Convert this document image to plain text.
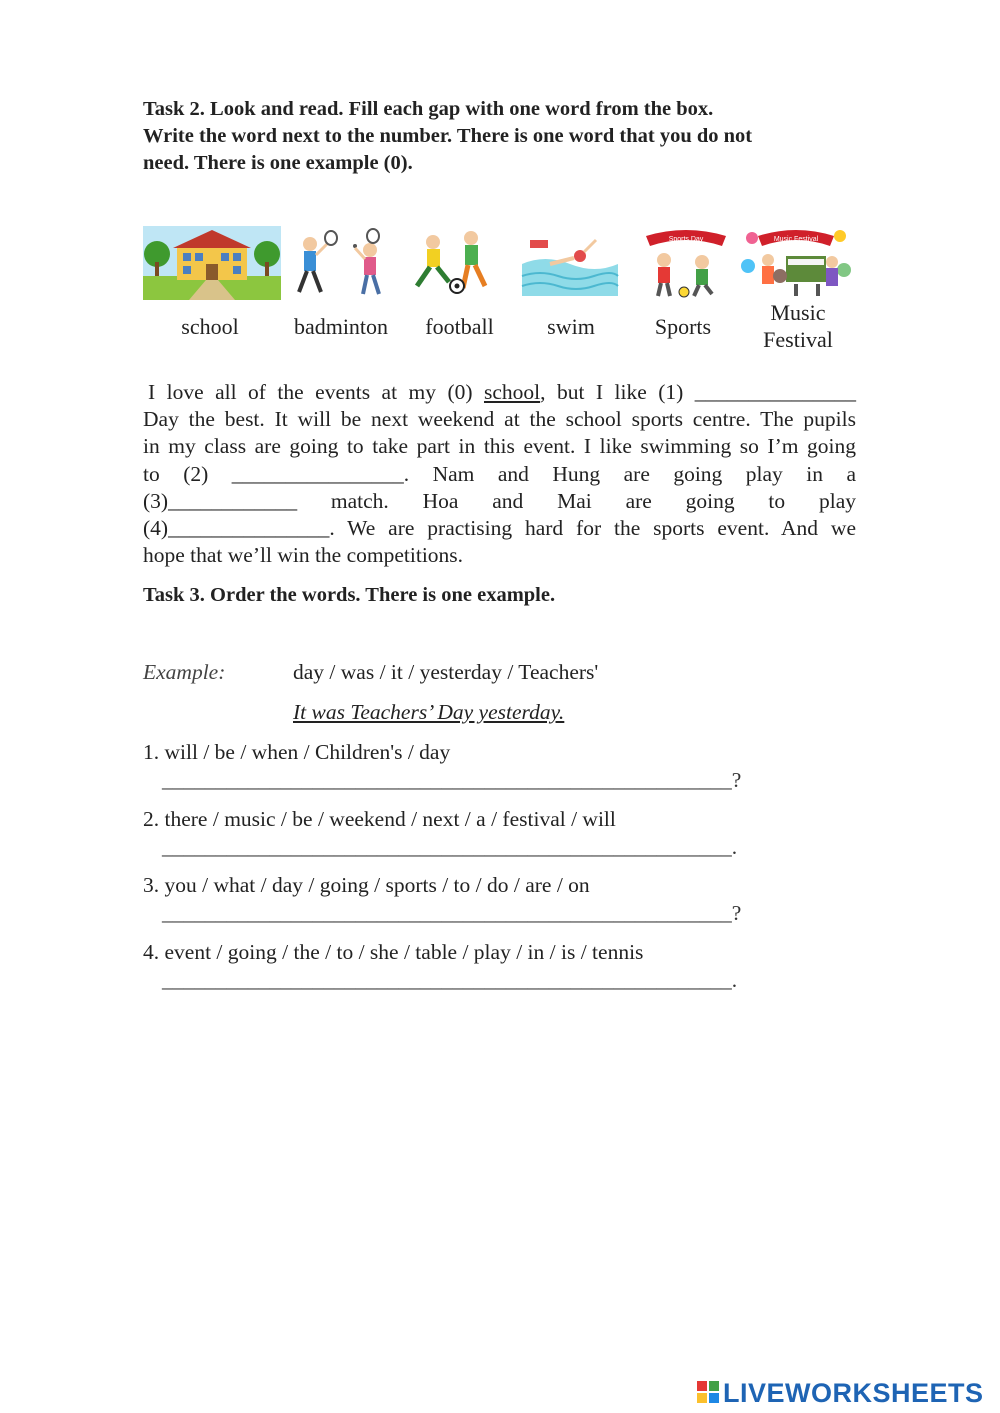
Task 2. Look and read. Fill each gap with one word from the box.
Write the word next to the number. There is one word that you do not
need. There is one example (0).
Sports Day	Music Festival
school	badminton	football	swim	Sports
Music
Festival
I love all of the events at my (0) school, but I like (1) _______________
Day the best. It will be next weekend at the school sports centre. The pupils
in my class are going to take part in this event. I like swimming so I’m going
to (2) ________________. Nam and Hung are going play in a
(3)____________ match. Hoa and Mai are going to play
(4)_______________. We are practising hard for the sports event. And we
hope that we’ll win the competitions.
Task 3. Order the words. There is one example.
Example:	day / was / it / yesterday / Teachers'
It was Teachers’ Day yesterday.
1. will / be / when / Children's / day
_____________________________________________________?
2. there / music / be / weekend / next / a / festival / will
_____________________________________________________.
3. you / what / day / going / sports / to / do / are / on
_____________________________________________________?
4. event / going / the / to / she / table / play / in / is / tennis
_____________________________________________________.
LIVEWORKSHEETS
